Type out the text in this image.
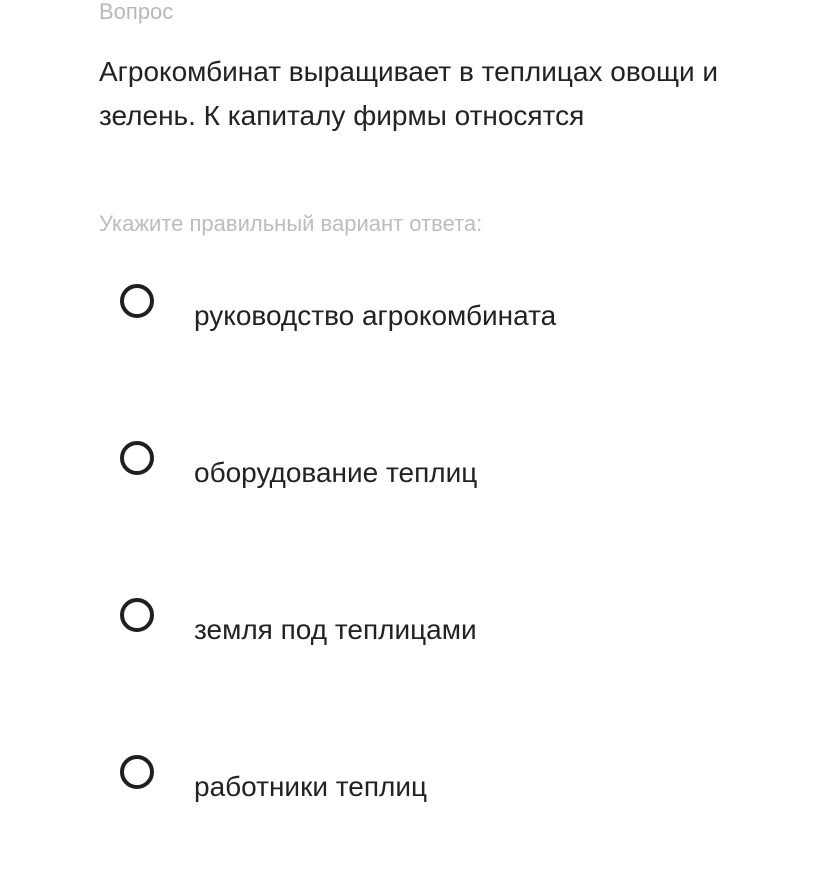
Вопрос

Агрокомбинат выращивает в теплицах овощи и зелень. К капиталу фирмы относятся

Укажите правильный вариант ответа:

руководство агрокомбината
оборудование теплиц
земля под теплицами
работники теплиц
